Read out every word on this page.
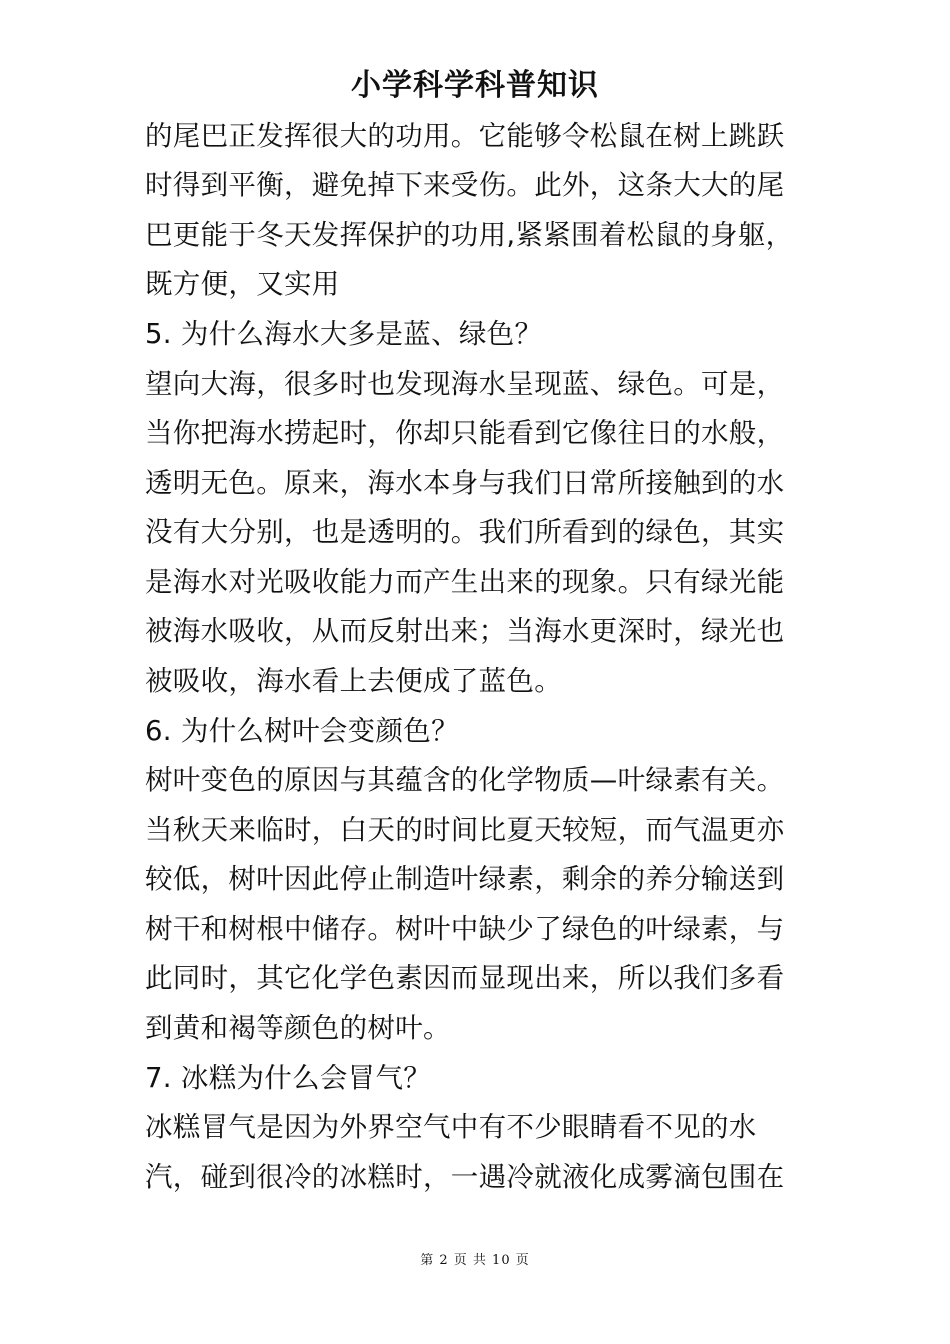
小学科学科普知识
的尾巴正发挥很大的功用。它能够令松鼠在树上跳跃
时得到平衡，避免掉下来受伤。此外，这条大大的尾
巴更能于冬天发挥保护的功用,紧紧围着松鼠的身躯，
既方便，又实用
5. 为什么海水大多是蓝、绿色？
望向大海，很多时也发现海水呈现蓝、绿色。可是，
当你把海水捞起时，你却只能看到它像往日的水般，
透明无色。原来，海水本身与我们日常所接触到的水
没有大分别，也是透明的。我们所看到的绿色，其实
是海水对光吸收能力而产生出来的现象。只有绿光能
被海水吸收，从而反射出来；当海水更深时，绿光也
被吸收，海水看上去便成了蓝色。
6. 为什么树叶会变颜色？
树叶变色的原因与其蕴含的化学物质—叶绿素有关。
当秋天来临时，白天的时间比夏天较短，而气温更亦
较低，树叶因此停止制造叶绿素，剩余的养分输送到
树干和树根中储存。树叶中缺少了绿色的叶绿素，与
此同时，其它化学色素因而显现出来，所以我们多看
到黄和褐等颜色的树叶。
7. 冰糕为什么会冒气？
冰糕冒气是因为外界空气中有不少眼睛看不见的水
汽，碰到很冷的冰糕时，一遇冷就液化成雾滴包围在
第 2 页 共 10 页
